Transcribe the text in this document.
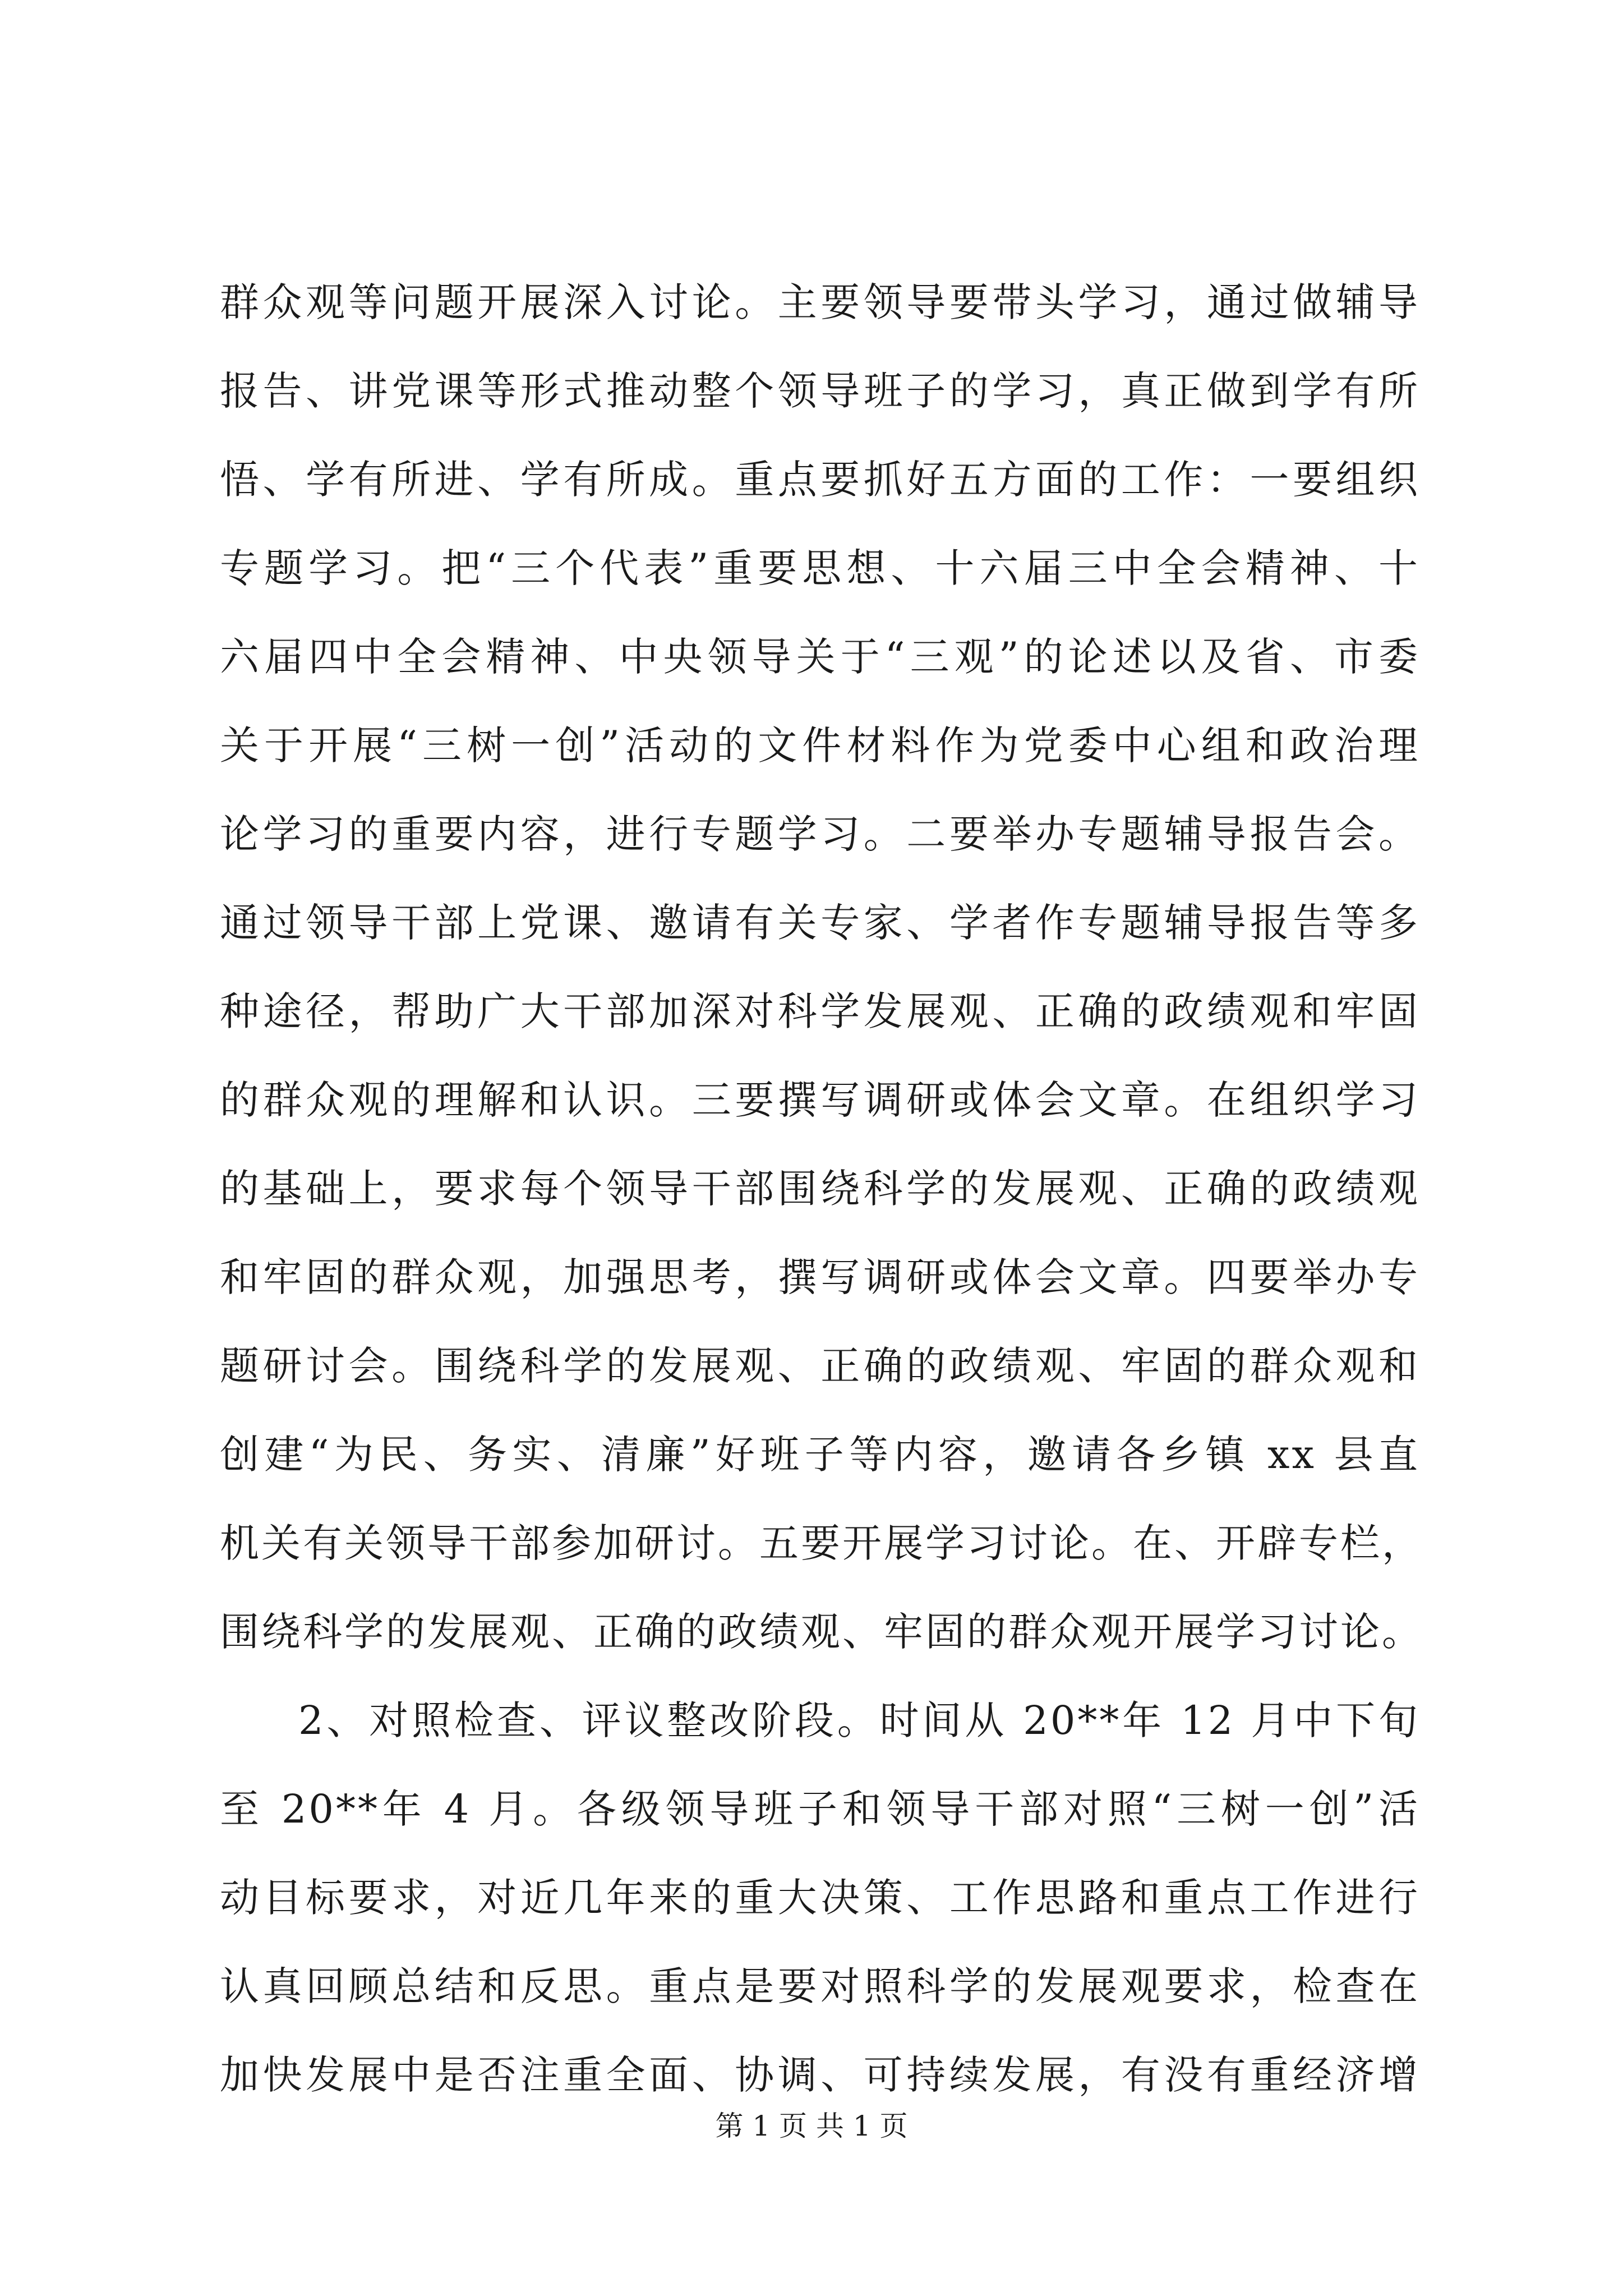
群众观等问题开展深入讨论。主要领导要带头学习，通过做辅导
报告、讲党课等形式推动整个领导班子的学习，真正做到学有所
悟、学有所进、学有所成。重点要抓好五方面的工作：一要组织
专题学习。把“三个代表”重要思想、十六届三中全会精神、十
六届四中全会精神、中央领导关于“三观”的论述以及省、市委
关于开展“三树一创”活动的文件材料作为党委中心组和政治理
论学习的重要内容，进行专题学习。二要举办专题辅导报告会。
通过领导干部上党课、邀请有关专家、学者作专题辅导报告等多
种途径，帮助广大干部加深对科学发展观、正确的政绩观和牢固
的群众观的理解和认识。三要撰写调研或体会文章。在组织学习
的基础上，要求每个领导干部围绕科学的发展观、正确的政绩观
和牢固的群众观，加强思考，撰写调研或体会文章。四要举办专
题研讨会。围绕科学的发展观、正确的政绩观、牢固的群众观和
创建“为民、务实、清廉”好班子等内容，邀请各乡镇 xx 县直
机关有关领导干部参加研讨。五要开展学习讨论。在、开辟专栏，
围绕科学的发展观、正确的政绩观、牢固的群众观开展学习讨论。
2、对照检查、评议整改阶段。时间从 20**年 12 月中下旬
至 20**年 4 月。各级领导班子和领导干部对照“三树一创”活
动目标要求，对近几年来的重大决策、工作思路和重点工作进行
认真回顾总结和反思。重点是要对照科学的发展观要求，检查在
加快发展中是否注重全面、协调、可持续发展，有没有重经济增
第 1 页 共 1 页
